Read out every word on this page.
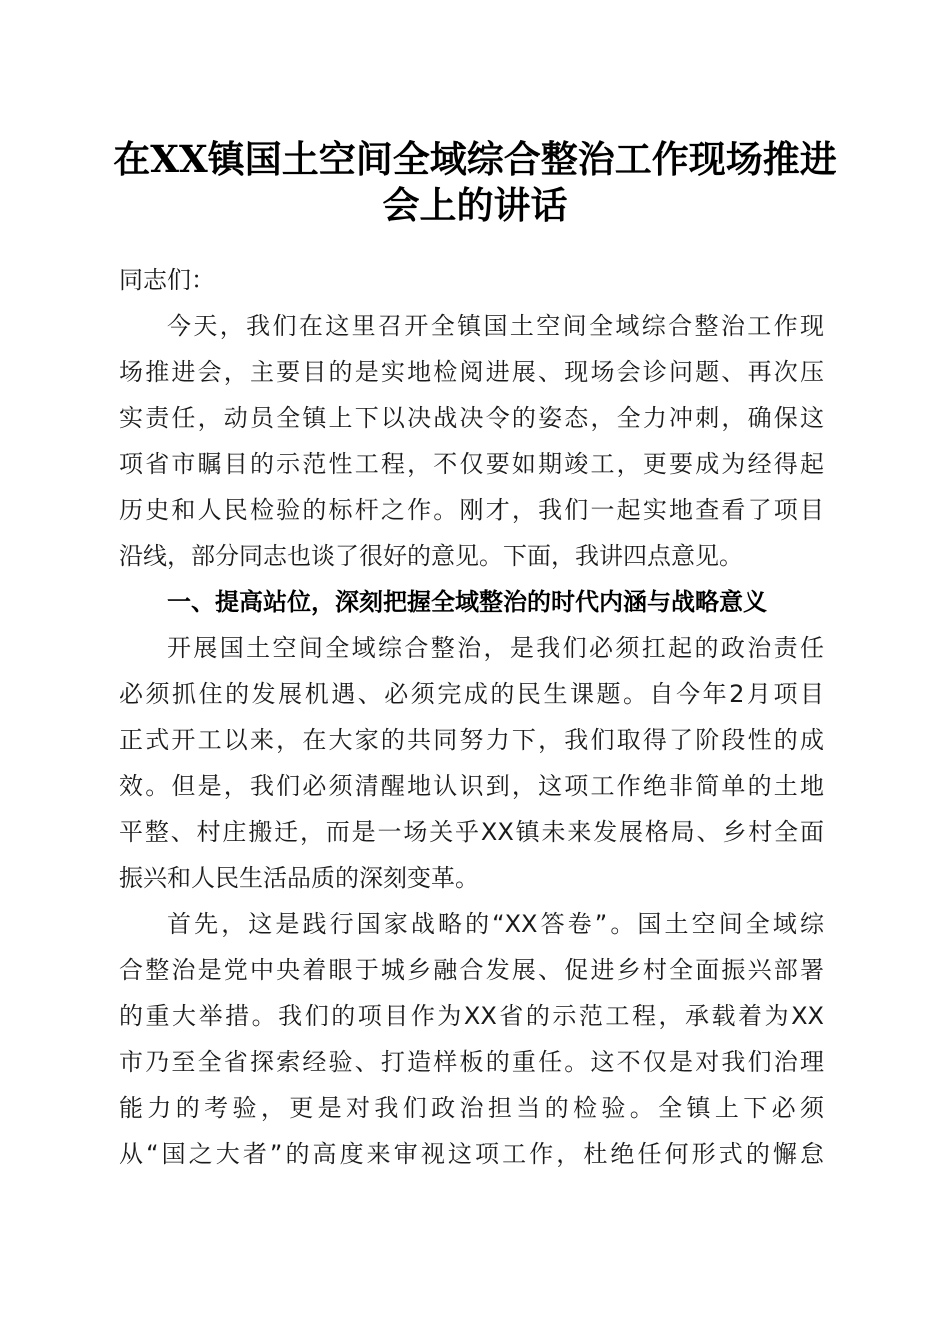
在XX镇国土空间全域综合整治工作现场推进
会上的讲话
同志们：
今天，我们在这里召开全镇国土空间全域综合整治工作现
场推进会，主要目的是实地检阅进展、现场会诊问题、再次压
实责任，动员全镇上下以决战决令的姿态，全力冲刺，确保这
项省市瞩目的示范性工程，不仅要如期竣工，更要成为经得起
历史和人民检验的标杆之作。刚才，我们一起实地查看了项目
沿线，部分同志也谈了很好的意见。下面，我讲四点意见。
一、提高站位，深刻把握全域整治的时代内涵与战略意义
开展国土空间全域综合整治，是我们必须扛起的政治责任
必须抓住的发展机遇、必须完成的民生课题。自今年2月项目
正式开工以来，在大家的共同努力下，我们取得了阶段性的成
效。但是，我们必须清醒地认识到，这项工作绝非简单的土地
平整、村庄搬迁，而是一场关乎XX镇未来发展格局、乡村全面
振兴和人民生活品质的深刻变革。
首先，这是践行国家战略的“XX答卷”。国土空间全域综
合整治是党中央着眼于城乡融合发展、促进乡村全面振兴部署
的重大举措。我们的项目作为XX省的示范工程，承载着为XX
市乃至全省探索经验、打造样板的重任。这不仅是对我们治理
能力的考验，更是对我们政治担当的检验。全镇上下必须
从“国之大者”的高度来审视这项工作，杜绝任何形式的懈怠
